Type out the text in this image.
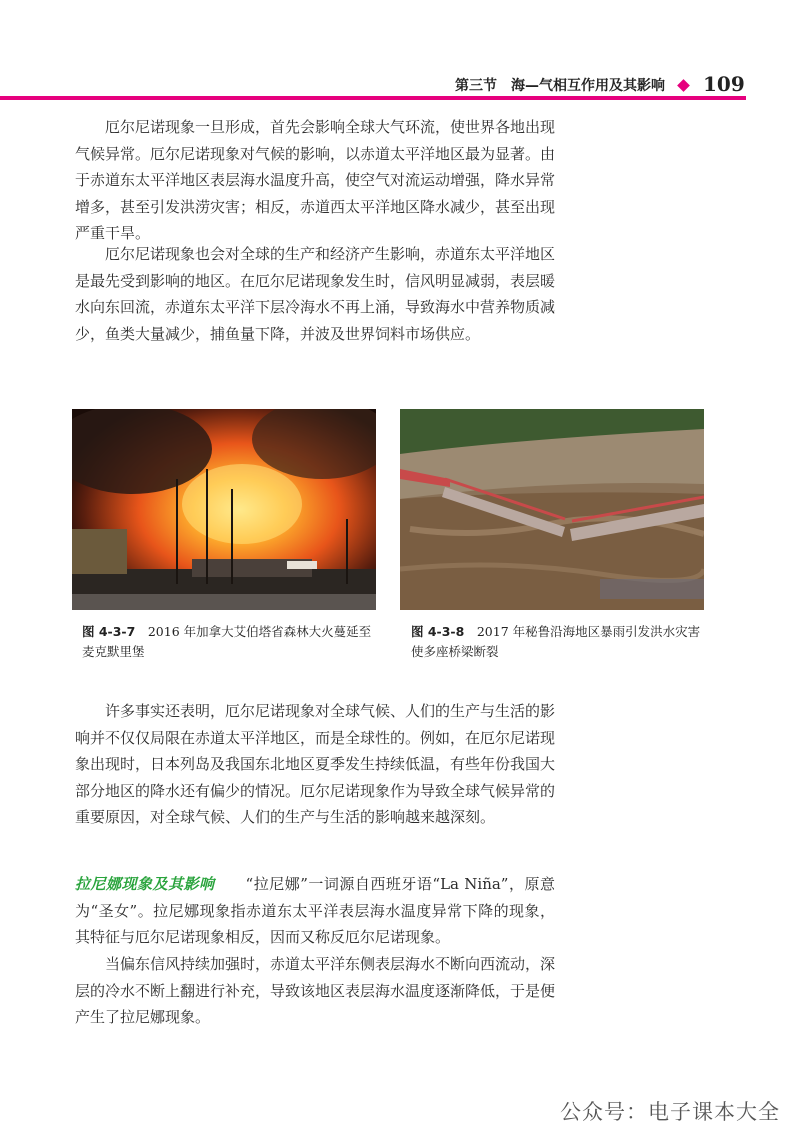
第三节　海—气相互作用及其影响 109

厄尔尼诺现象一旦形成，首先会影响全球大气环流，使世界各地出现气候异常。厄尔尼诺现象对气候的影响，以赤道太平洋地区最为显著。由于赤道东太平洋地区表层海水温度升高，使空气对流运动增强，降水异常增多，甚至引发洪涝灾害；相反，赤道西太平洋地区降水减少，甚至出现严重干旱。

厄尔尼诺现象也会对全球的生产和经济产生影响，赤道东太平洋地区是最先受到影响的地区。在厄尔尼诺现象发生时，信风明显减弱，表层暖水向东回流，赤道东太平洋下层冷海水不再上涌，导致海水中营养物质减少，鱼类大量减少，捕鱼量下降，并波及世界饲料市场供应。

图 4-3-7　 2016 年加拿大艾伯塔省森林大火蔓延至麦克默里堡
图 4-3-8　 2017 年秘鲁沿海地区暴雨引发洪水灾害使多座桥梁断裂

许多事实还表明，厄尔尼诺现象对全球气候、人们的生产与生活的影响并不仅仅局限在赤道太平洋地区，而是全球性的。例如，在厄尔尼诺现象出现时，日本列岛及我国东北地区夏季发生持续低温，有些年份我国大部分地区的降水还有偏少的情况。厄尔尼诺现象作为导致全球气候异常的重要原因，对全球气候、人们的生产与生活的影响越来越深刻。

拉尼娜现象及其影响　　 “拉尼娜”一词源自西班牙语“La Niña”，原意为“圣女”。拉尼娜现象指赤道东太平洋表层海水温度异常下降的现象，其特征与厄尔尼诺现象相反，因而又称反厄尔尼诺现象。

当偏东信风持续加强时，赤道太平洋东侧表层海水不断向西流动，深层的冷水不断上翻进行补充，导致该地区表层海水温度逐渐降低，于是便产生了拉尼娜现象。

公众号：电子课本大全
